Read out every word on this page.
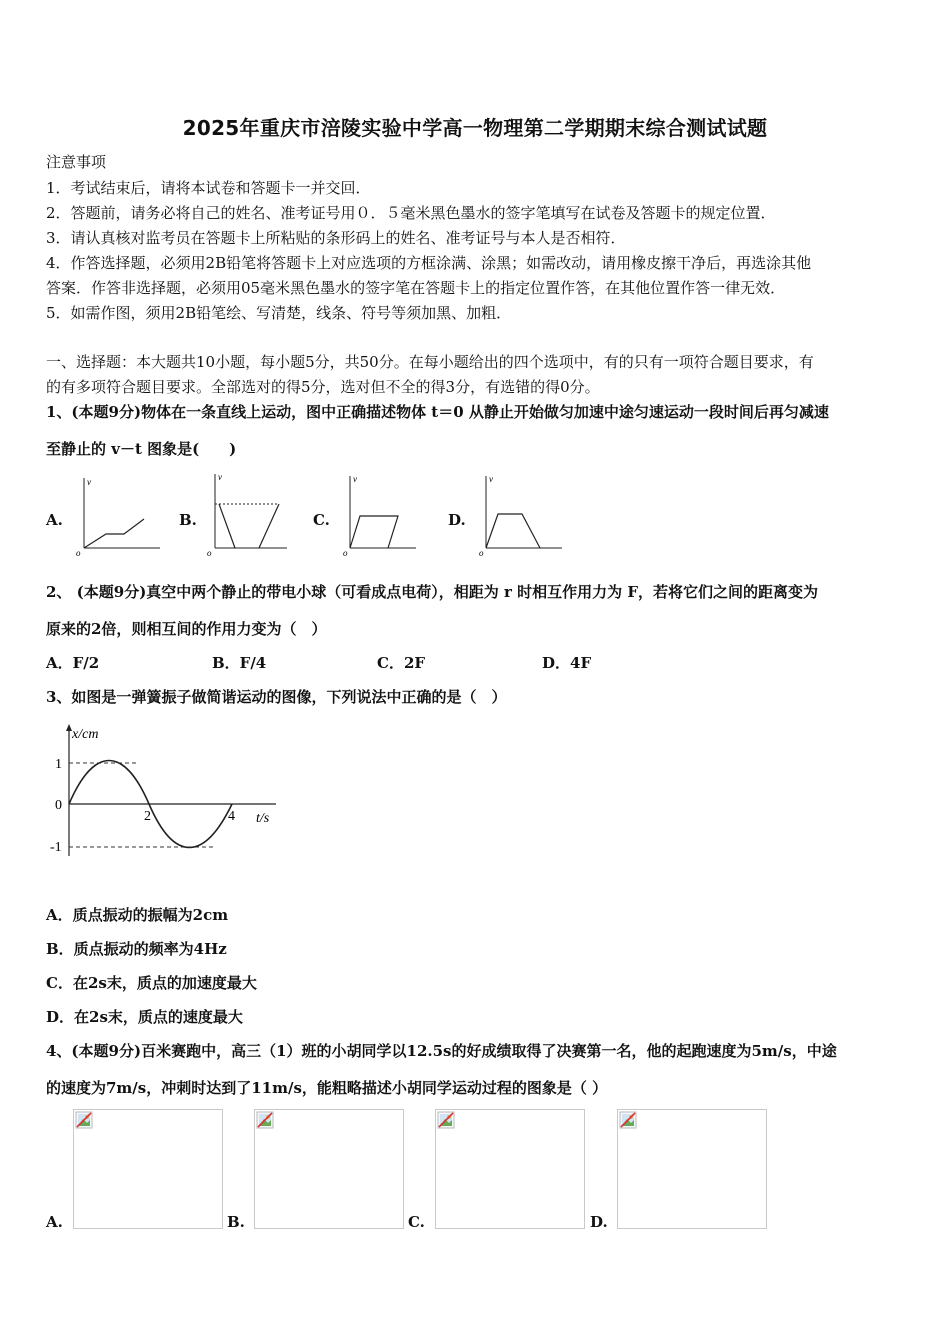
2025年重庆市涪陵实验中学高一物理第二学期期末综合测试试题
注意事项
1．考试结束后，请将本试卷和答题卡一并交回．
2．答题前，请务必将自己的姓名、准考证号用０．５毫米黑色墨水的签字笔填写在试卷及答题卡的规定位置．
3．请认真核对监考员在答题卡上所粘贴的条形码上的姓名、准考证号与本人是否相符．
4．作答选择题，必须用2B铅笔将答题卡上对应选项的方框涂满、涂黑；如需改动，请用橡皮擦干净后，再选涂其他
答案．作答非选择题，必须用05毫米黑色墨水的签字笔在答题卡上的指定位置作答，在其他位置作答一律无效．
5．如需作图，须用2B铅笔绘、写清楚，线条、符号等须加黑、加粗．
一、选择题：本大题共10小题，每小题5分，共50分。在每小题给出的四个选项中，有的只有一项符合题目要求，有
的有多项符合题目要求。全部选对的得5分，选对但不全的得3分，有选错的得0分。
1、(本题9分)物体在一条直线上运动，图中正确描述物体 t＝0 从静止开始做匀加速中途匀速运动一段时间后再匀减速
至静止的 v－t 图象是(　　)
A.	B.	C.	D.
v
o
v
o
v
o
v
o
2、 (本题9分)真空中两个静止的带电小球（可看成点电荷），相距为 r 时相互作用力为 F，若将它们之间的距离变为
原来的2倍，则相互间的作用力变为（　）
A．F/2	B．F/4	C．2F	D．4F
3、如图是一弹簧振子做简谐运动的图像，下列说法中正确的是（　）
x/cm
t/s
1
0
-1
2	4
A．质点振动的振幅为2cm
B．质点振动的频率为4Hz
C．在2s末，质点的加速度最大
D．在2s末，质点的速度最大
4、(本题9分)百米赛跑中，高三（1）班的小胡同学以12.5s的好成绩取得了决赛第一名，他的起跑速度为5m/s，中途
的速度为7m/s，冲刺时达到了11m/s，能粗略描述小胡同学运动过程的图象是（ ）
A.	B.	C.	D.
